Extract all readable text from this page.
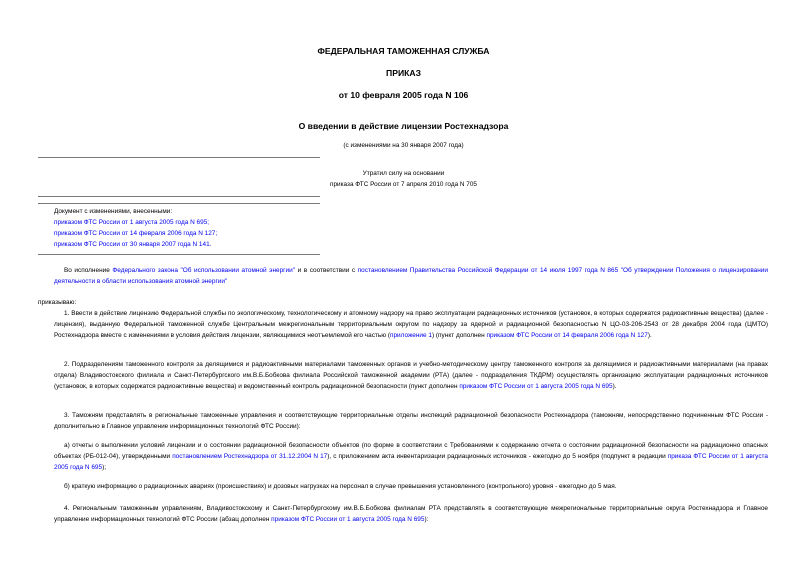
ФЕДЕРАЛЬНАЯ ТАМОЖЕННАЯ СЛУЖБА
ПРИКАЗ
от 10 февраля 2005 года N 106
О введении в действие лицензии Ростехнадзора
(с изменениями на 30 января 2007 года)
Утратил силу на основании
приказа ФТС России от 7 апреля 2010 года N 705
Документ с изменениями, внесенными:
приказом ФТС России от 1 августа 2005 года N 695;
приказом ФТС России от 14 февраля 2006 года N 127;
приказом ФТС России от 30 января 2007 года N 141.
Во исполнение Федерального закона "Об использовании атомной энергии" и в соответствии с постановлением Правительства Российской Федерации от 14 июля 1997 года N 865 "Об утверждении Положения о лицензировании деятельности в области использования атомной энергии"
приказываю:
1. Ввести в действие лицензию Федеральной службы по экологическому, технологическому и атомному надзору на право эксплуатации радиационных источников (установок, в которых содержатся радиоактивные вещества) (далее - лицензия), выданную Федеральной таможенной службе Центральным межрегиональным территориальным округом по надзору за ядерной и радиационной безопасностью N ЦО-03-206-2543 от 28 декабря 2004 года (ЦМТО) Ростехнадзора вместе с изменениями в условия действия лицензии, являющимися неотъемлемой его частью (приложение 1) (пункт дополнен приказом ФТС России от 14 февраля 2006 года N 127).
2. Подразделениям таможенного контроля за делящимися и радиоактивными материалами таможенных органов и учебно-методическому центру таможенного контроля за делящимися и радиоактивными материалами (на правах отдела) Владивостокского филиала и Санкт-Петербургского им.В.Б.Бобкова филиала Российской таможенной академии (РТА) (далее - подразделения ТКДРМ) осуществлять организацию эксплуатации радиационных источников (установок, в которых содержатся радиоактивные вещества) и ведомственный контроль радиационной безопасности (пункт дополнен приказом ФТС России от 1 августа 2005 года N 695).
3. Таможням представлять в региональные таможенные управления и соответствующие территориальные отделы инспекций радиационной безопасности Ростехнадзора (таможням, непосредственно подчиненным ФТС России - дополнительно в Главное управление информационных технологий ФТС России):
а) отчеты о выполнении условий лицензии и о состоянии радиационной безопасности объектов (по форме в соответствии с Требованиями к содержанию отчета о состоянии радиационной безопасности на радиационно опасных объектах (РБ-012-04), утвержденными постановлением Ростехнадзора от 31.12.2004 N 17), с приложением акта инвентаризации радиационных источников - ежегодно до 5 ноября (подпункт в редакции приказа ФТС России от 1 августа 2005 года N 695);
б) краткую информацию о радиационных авариях (происшествиях) и дозовых нагрузках на персонал в случае превышения установленного (контрольного) уровня - ежегодно до 5 мая.
4. Региональным таможенным управлениям, Владивостокскому и Санкт-Петербургскому им.В.Б.Бобкова филиалам РТА представлять в соответствующие межрегиональные территориальные округа Ростехнадзора и Главное управление информационных технологий ФТС России (абзац дополнен приказом ФТС России от 1 августа 2005 года N 695):
